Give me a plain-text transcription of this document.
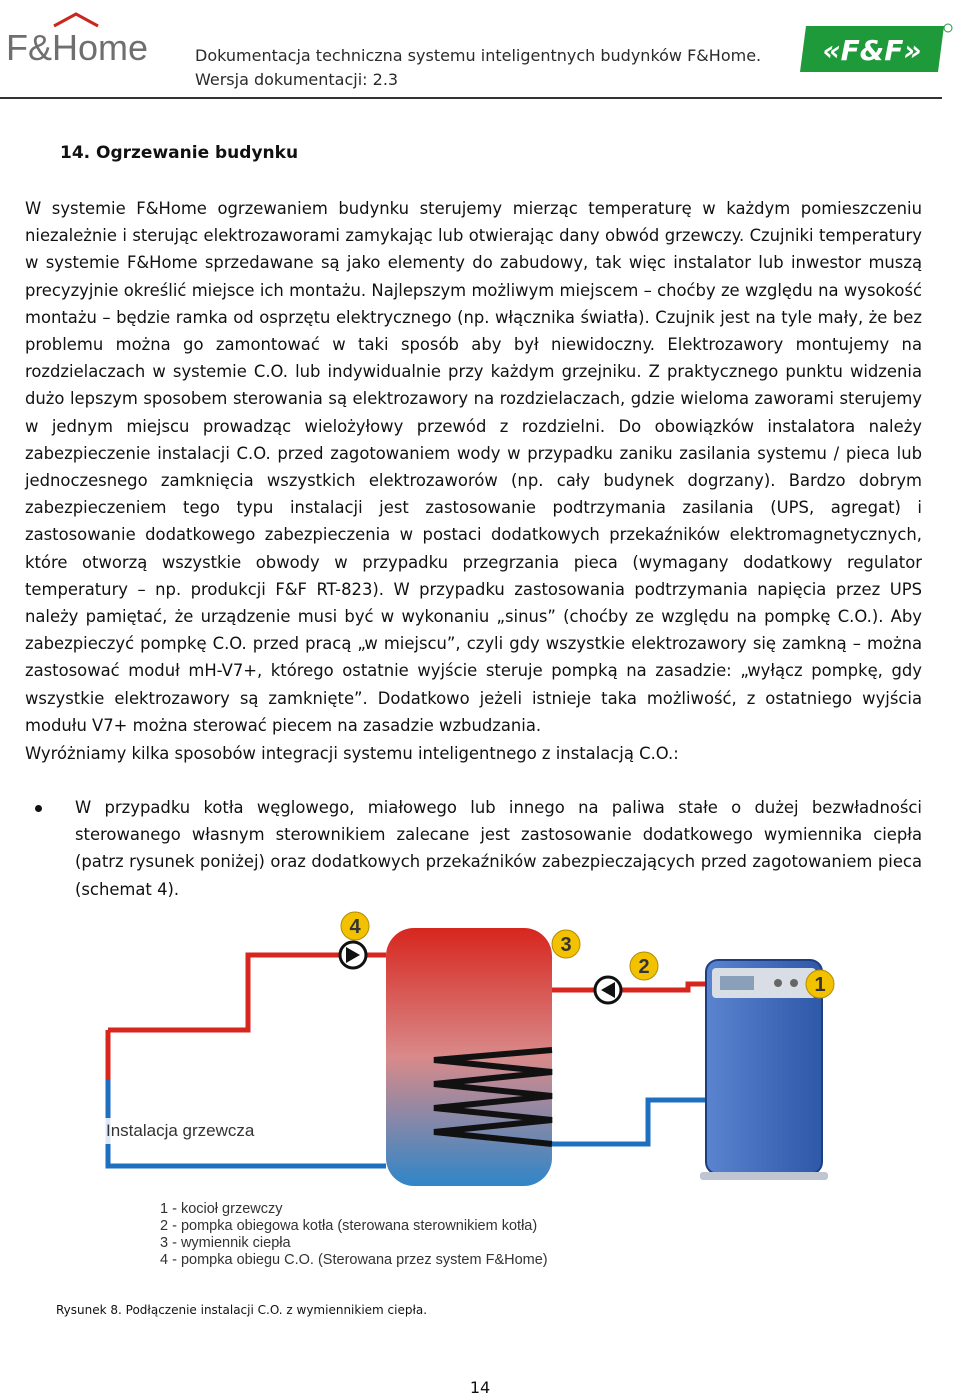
F&Home	Dokumentacja techniczna systemu inteligentnych budynków F&Home.
Wersja dokumentacji: 2.3
«F&F»
14. Ogrzewanie budynku

W systemie F&Home ogrzewaniem budynku sterujemy mierząc temperaturę w każdym pomieszczeniu niezależnie i sterując elektrozaworami zamykając lub otwierając dany obwód grzewczy. Czujniki temperatury w systemie F&Home sprzedawane są jako elementy do zabudowy, tak więc instalator lub inwestor muszą precyzyjnie określić miejsce ich montażu. Najlepszym możliwym miejscem – choćby ze względu na wysokość montażu – będzie ramka od osprzętu elektrycznego (np. włącznika światła). Czujnik jest na tyle mały, że bez problemu można go zamontować w taki sposób aby był niewidoczny. Elektrozawory montujemy na rozdzielaczach w systemie C.O. lub indywidualnie przy każdym grzejniku. Z praktycznego punktu widzenia dużo lepszym sposobem sterowania są elektrozawory na rozdzielaczach, gdzie wieloma zaworami sterujemy w jednym miejscu prowadząc wielożyłowy przewód z rozdzielni. Do obowiązków instalatora należy zabezpieczenie instalacji C.O. przed zagotowaniem wody w przypadku zaniku zasilania systemu / pieca lub jednoczesnego zamknięcia wszystkich elektrozaworów (np. cały budynek dogrzany). Bardzo dobrym zabezpieczeniem tego typu instalacji jest zastosowanie podtrzymania zasilania (UPS, agregat) i zastosowanie dodatkowego zabezpieczenia w postaci dodatkowych przekaźników elektromagnetycznych, które otworzą wszystkie obwody w przypadku przegrzania pieca (wymagany dodatkowy regulator temperatury – np. produkcji F&F RT-823). W przypadku zastosowania podtrzymania napięcia przez UPS należy pamiętać, że urządzenie musi być w wykonaniu „sinus” (choćby ze względu na pompkę C.O.). Aby zabezpieczyć pompkę C.O. przed pracą „w miejscu”, czyli gdy wszystkie elektrozawory się zamkną – można zastosować moduł mH-V7+, którego ostatnie wyjście steruje pompką na zasadzie: „wyłącz pompkę, gdy wszystkie elektrozawory są zamknięte”. Dodatkowo jeżeli istnieje taka możliwość, z ostatniego wyjścia modułu V7+ można sterować piecem na zasadzie wzbudzania.

Wyróżniamy kilka sposobów integracji systemu inteligentnego z instalacją C.O.:

W przypadku kotła węglowego, miałowego lub innego na paliwa stałe o dużej bezwładności sterowanego własnym sterownikiem zalecane jest zastosowanie dodatkowego wymiennika ciepła (patrz rysunek poniżej) oraz dodatkowych przekaźników zabezpieczających przed zagotowaniem pieca (schemat 4).

4
3
2
1
Instalacja grzewcza
1 - kocioł grzewczy
2 - pompka obiegowa kotła (sterowana sterownikiem kotła)
3 - wymiennik ciepła
4 - pompka obiegu C.O. (Sterowana przez system F&Home)
Rysunek 8. Podłączenie instalacji C.O. z wymiennikiem ciepła.
14
